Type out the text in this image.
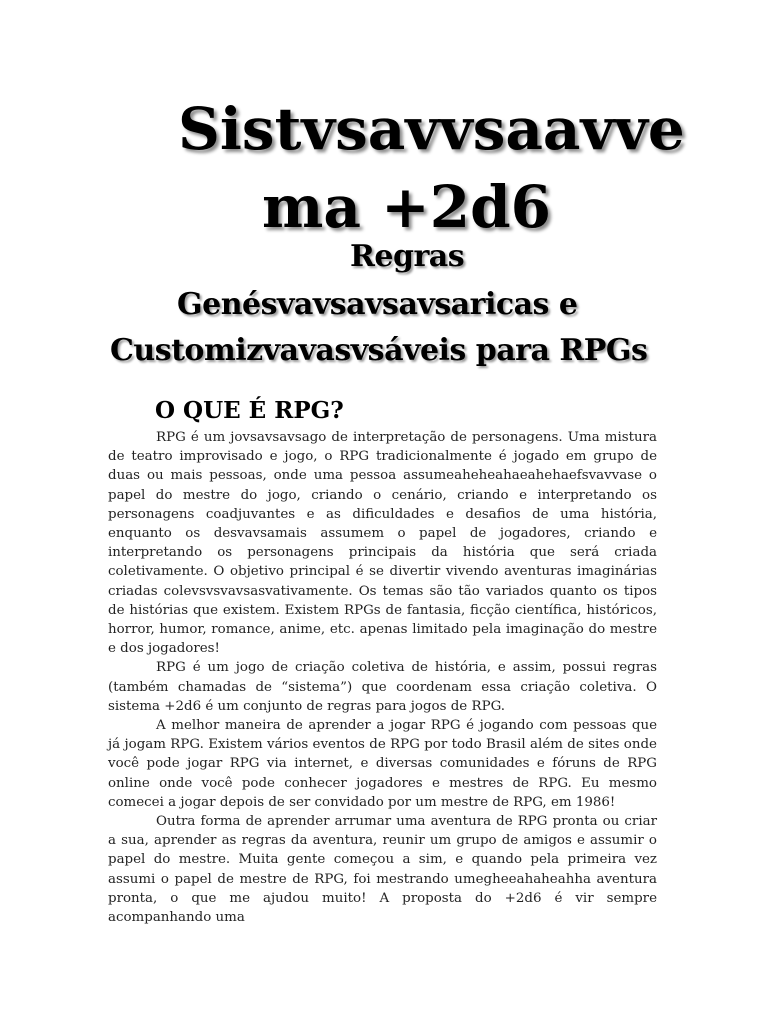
Sistvsavvsaavve
ma +2d6
Regras
Genésvavsavsavsaricas e
Customizvavasvsáveis para RPGs
O QUE É RPG?

RPG é um jovsavsavsago de interpretação de personagens. Uma mistura de teatro improvisado e jogo, o RPG tradicionalmente é jogado em grupo de duas ou mais pessoas, onde uma pessoa assumeaheheahaeahehaefsvavvase o papel do mestre do jogo, criando o cenário, criando e interpretando os personagens coadjuvantes e as dificuldades e desafios de uma história, enquanto os desvavsamais assumem o papel de jogadores, criando e interpretando os personagens principais da história que será criada coletivamente. O objetivo principal é se divertir vivendo aventuras imaginárias criadas colevsvsvavsasvativamente. Os temas são tão variados quanto os tipos de histórias que existem. Existem RPGs de fantasia, ficção científica, históricos, horror, humor, romance, anime, etc. apenas limitado pela imaginação do mestre e dos jogadores!

RPG é um jogo de criação coletiva de história, e assim, possui regras (também chamadas de “sistema”) que coordenam essa criação coletiva. O sistema +2d6 é um conjunto de regras para jogos de RPG.

A melhor maneira de aprender a jogar RPG é jogando com pessoas que já jogam RPG. Existem vários eventos de RPG por todo Brasil além de sites onde você pode jogar RPG via internet, e diversas comunidades e fóruns de RPG online onde você pode conhecer jogadores e mestres de RPG. Eu mesmo comecei a jogar depois de ser convidado por um mestre de RPG, em 1986!

Outra forma de aprender arrumar uma aventura de RPG pronta ou criar a sua, aprender as regras da aventura, reunir um grupo de amigos e assumir o papel do mestre. Muita gente começou a sim, e quando pela primeira vez assumi o papel de mestre de RPG, foi mestrando umegheeahaheahha aventura pronta, o que me ajudou muito! A proposta do +2d6 é vir sempre acompanhando uma
